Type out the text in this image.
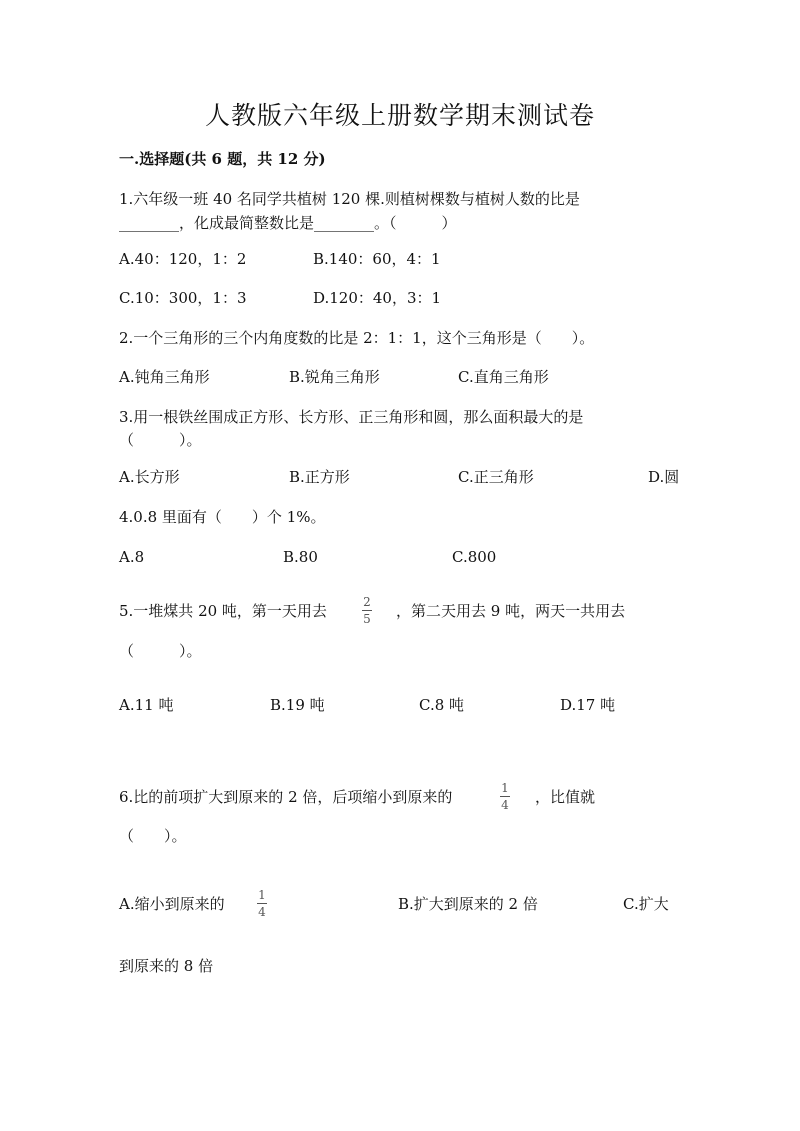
人教版六年级上册数学期末测试卷
一.选择题(共 6 题，共 12 分)
1.六年级一班 40 名同学共植树 120 棵.则植树棵数与植树人数的比是
________，化成最简整数比是________。（　　　）
A.40：120，1：2	B.140：60，4：1
C.10：300，1：3	D.120：40，3：1
2.一个三角形的三个内角度数的比是 2：1：1，这个三角形是（　　）。
A.钝角三角形	B.锐角三角形	C.直角三角形
3.用一根铁丝围成正方形、长方形、正三角形和圆，那么面积最大的是
（　　　）。
A.长方形	B.正方形	C.正三角形	D.圆
4.0.8 里面有（　　）个 1%。
A.8	B.80	C.800
5.一堆煤共 20 吨，第一天用去	2
5 ，第二天用去 9 吨，两天一共用去
（　　　）。
A.11 吨	B.19 吨	C.8 吨	D.17 吨
6.比的前项扩大到原来的 2 倍，后项缩小到原来的	1
4 ，比值就
（　　）。
A.缩小到原来的	1
4	B.扩大到原来的 2 倍	C.扩大
到原来的 8 倍
